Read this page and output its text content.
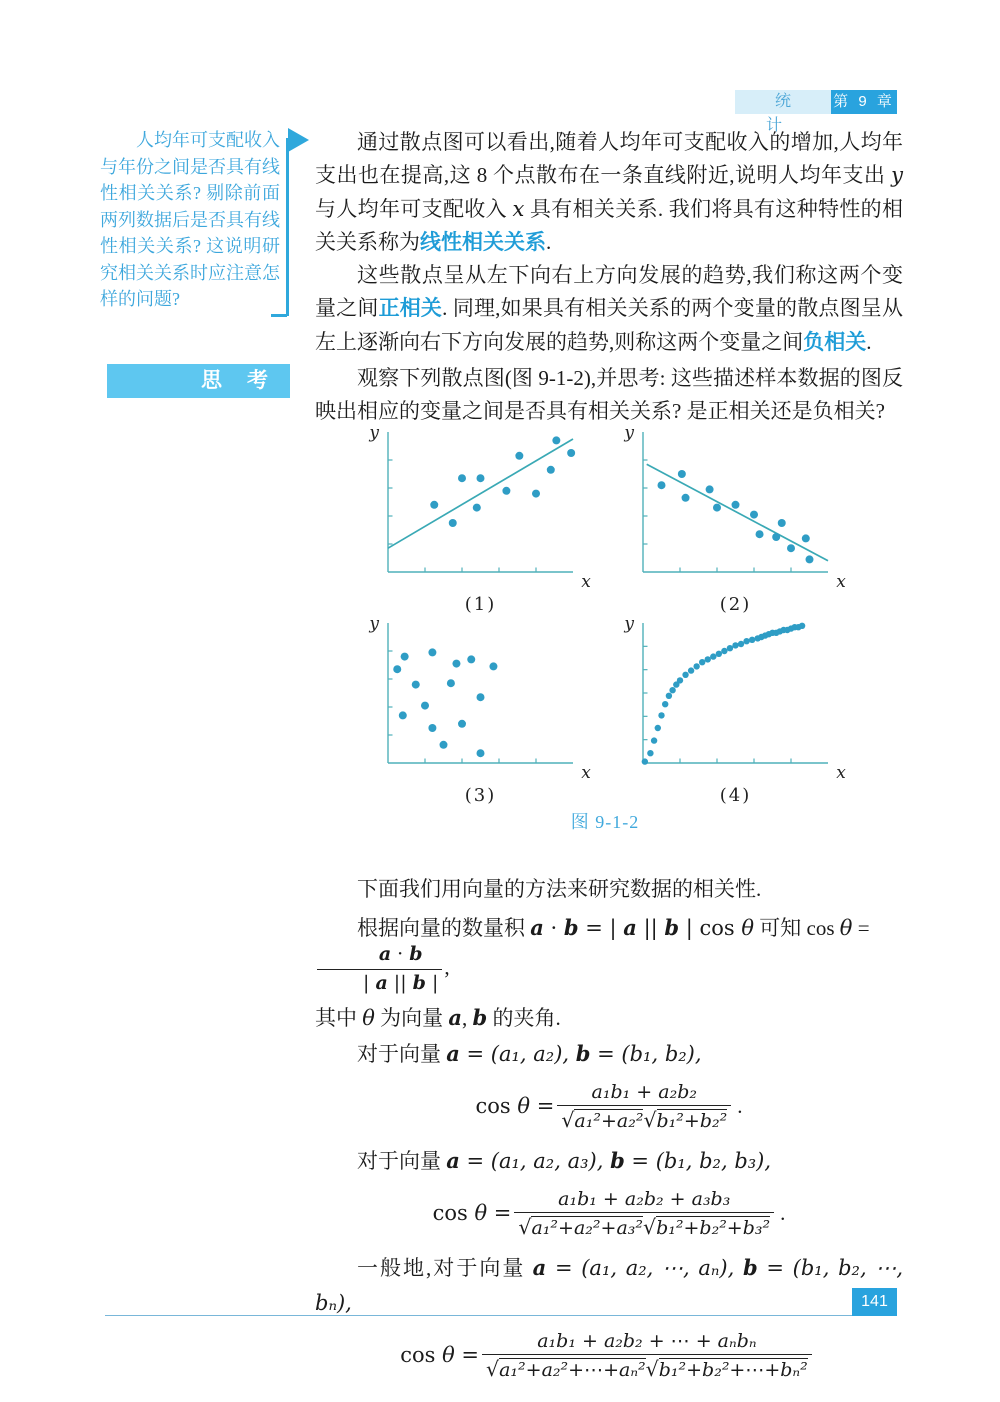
统 计
第 9 章
人均年可支配收入与年份之间是否具有线性相关关系? 剔除前面两列数据后是否具有线性相关关系? 这说明研究相关关系时应注意怎样的问题?

通过散点图可以看出,随着人均年可支配收入的增加,人均年支出也在提高,这 8 个点散布在一条直线附近,说明人均年支出 y 与人均年可支配收入 x 具有相关关系. 我们将具有这种特性的相关关系称为线性相关关系.

这些散点呈从左下向右上方向发展的趋势,我们称这两个变量之间正相关. 同理,如果具有相关关系的两个变量的散点图呈从左上逐渐向右下方向发展的趋势,则称这两个变量之间负相关.

思　考	观察下列散点图(图 9-1-2),并思考: 这些描述样本数据的图反映出相应的变量之间是否具有相关关系? 是正相关还是负相关?

y
x
(1)
y
x
(2)
y
x
(3)
y
x
(4)
图 9-1-2

下面我们用向量的方法来研究数据的相关性.

根据向量的数量积 a · b = | a || b | cos θ 可知 cos θ =
$\frac{a \cdot b}{| a || b |}$ ,

其中 θ 为向量 a, b 的夹角.

对于向量 a = (a₁, a₂), b = (b₁, b₂),

$\cos \theta = \frac{\text{a₁b₁ + a₂b₂}}{\text{√a₁²+a₂²√b₁²+b₂²}}$ .

对于向量 a = (a₁, a₂, a₃), b = (b₁, b₂, b₃),

$\cos \theta = \frac{\text{a₁b₁ + a₂b₂ + a₃b₃}}{\text{√a₁²+a₂²+a₃²√b₁²+b₂²+b₃²}}$ .

一般地,对于向量 a = (a₁, a₂, ⋯, aₙ), b = (b₁, b₂, ⋯, bₙ),

$\cos \theta = \frac{\text{a₁b₁ + a₂b₂ + ⋯ + aₙbₙ}}{\text{√a₁²+a₂²+⋯+aₙ²√b₁²+b₂²+⋯+bₙ²}}$
141
